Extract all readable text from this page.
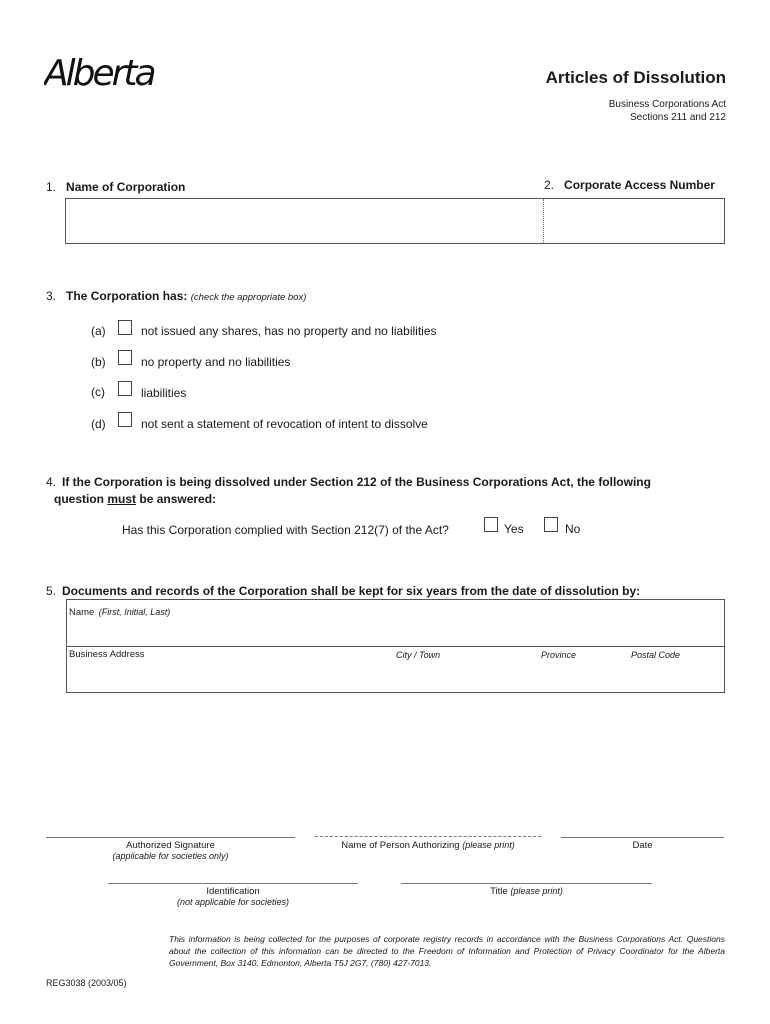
Alberta	Articles of Dissolution
Business Corporations Act
Sections 211 and 212
1. Name of Corporation	2. Corporate Access Number
3. The Corporation has: (check the appropriate box)
(a)	not issued any shares, has no property and no liabilities
(b)	no property and no liabilities
(c)	liabilities
(d)	not sent a statement of revocation of intent to dissolve
4. If the Corporation is being dissolved under Section 212 of the Business Corporations Act, the following
question must be answered:
Has this Corporation complied with Section 212(7) of the Act?	Yes	No
5. Documents and records of the Corporation shall be kept for six years from the date of dissolution by:
Name (First, Initial, Last)
Business Address	City / Town	Province	Postal Code
Authorized Signature
(applicable for societies only)
Name of Person Authorizing (please print)	Date
Identification
(not applicable for societies)
Title (please print)
This information is being collected for the purposes of corporate registry records in accordance with the Business Corporations Act. Questions about the collection of this information can be directed to the Freedom of Information and Protection of Privacy Coordinator for the Alberta Government, Box 3140, Edmonton, Alberta T5J 2G7, (780) 427-7013.
REG3038 (2003/05)
